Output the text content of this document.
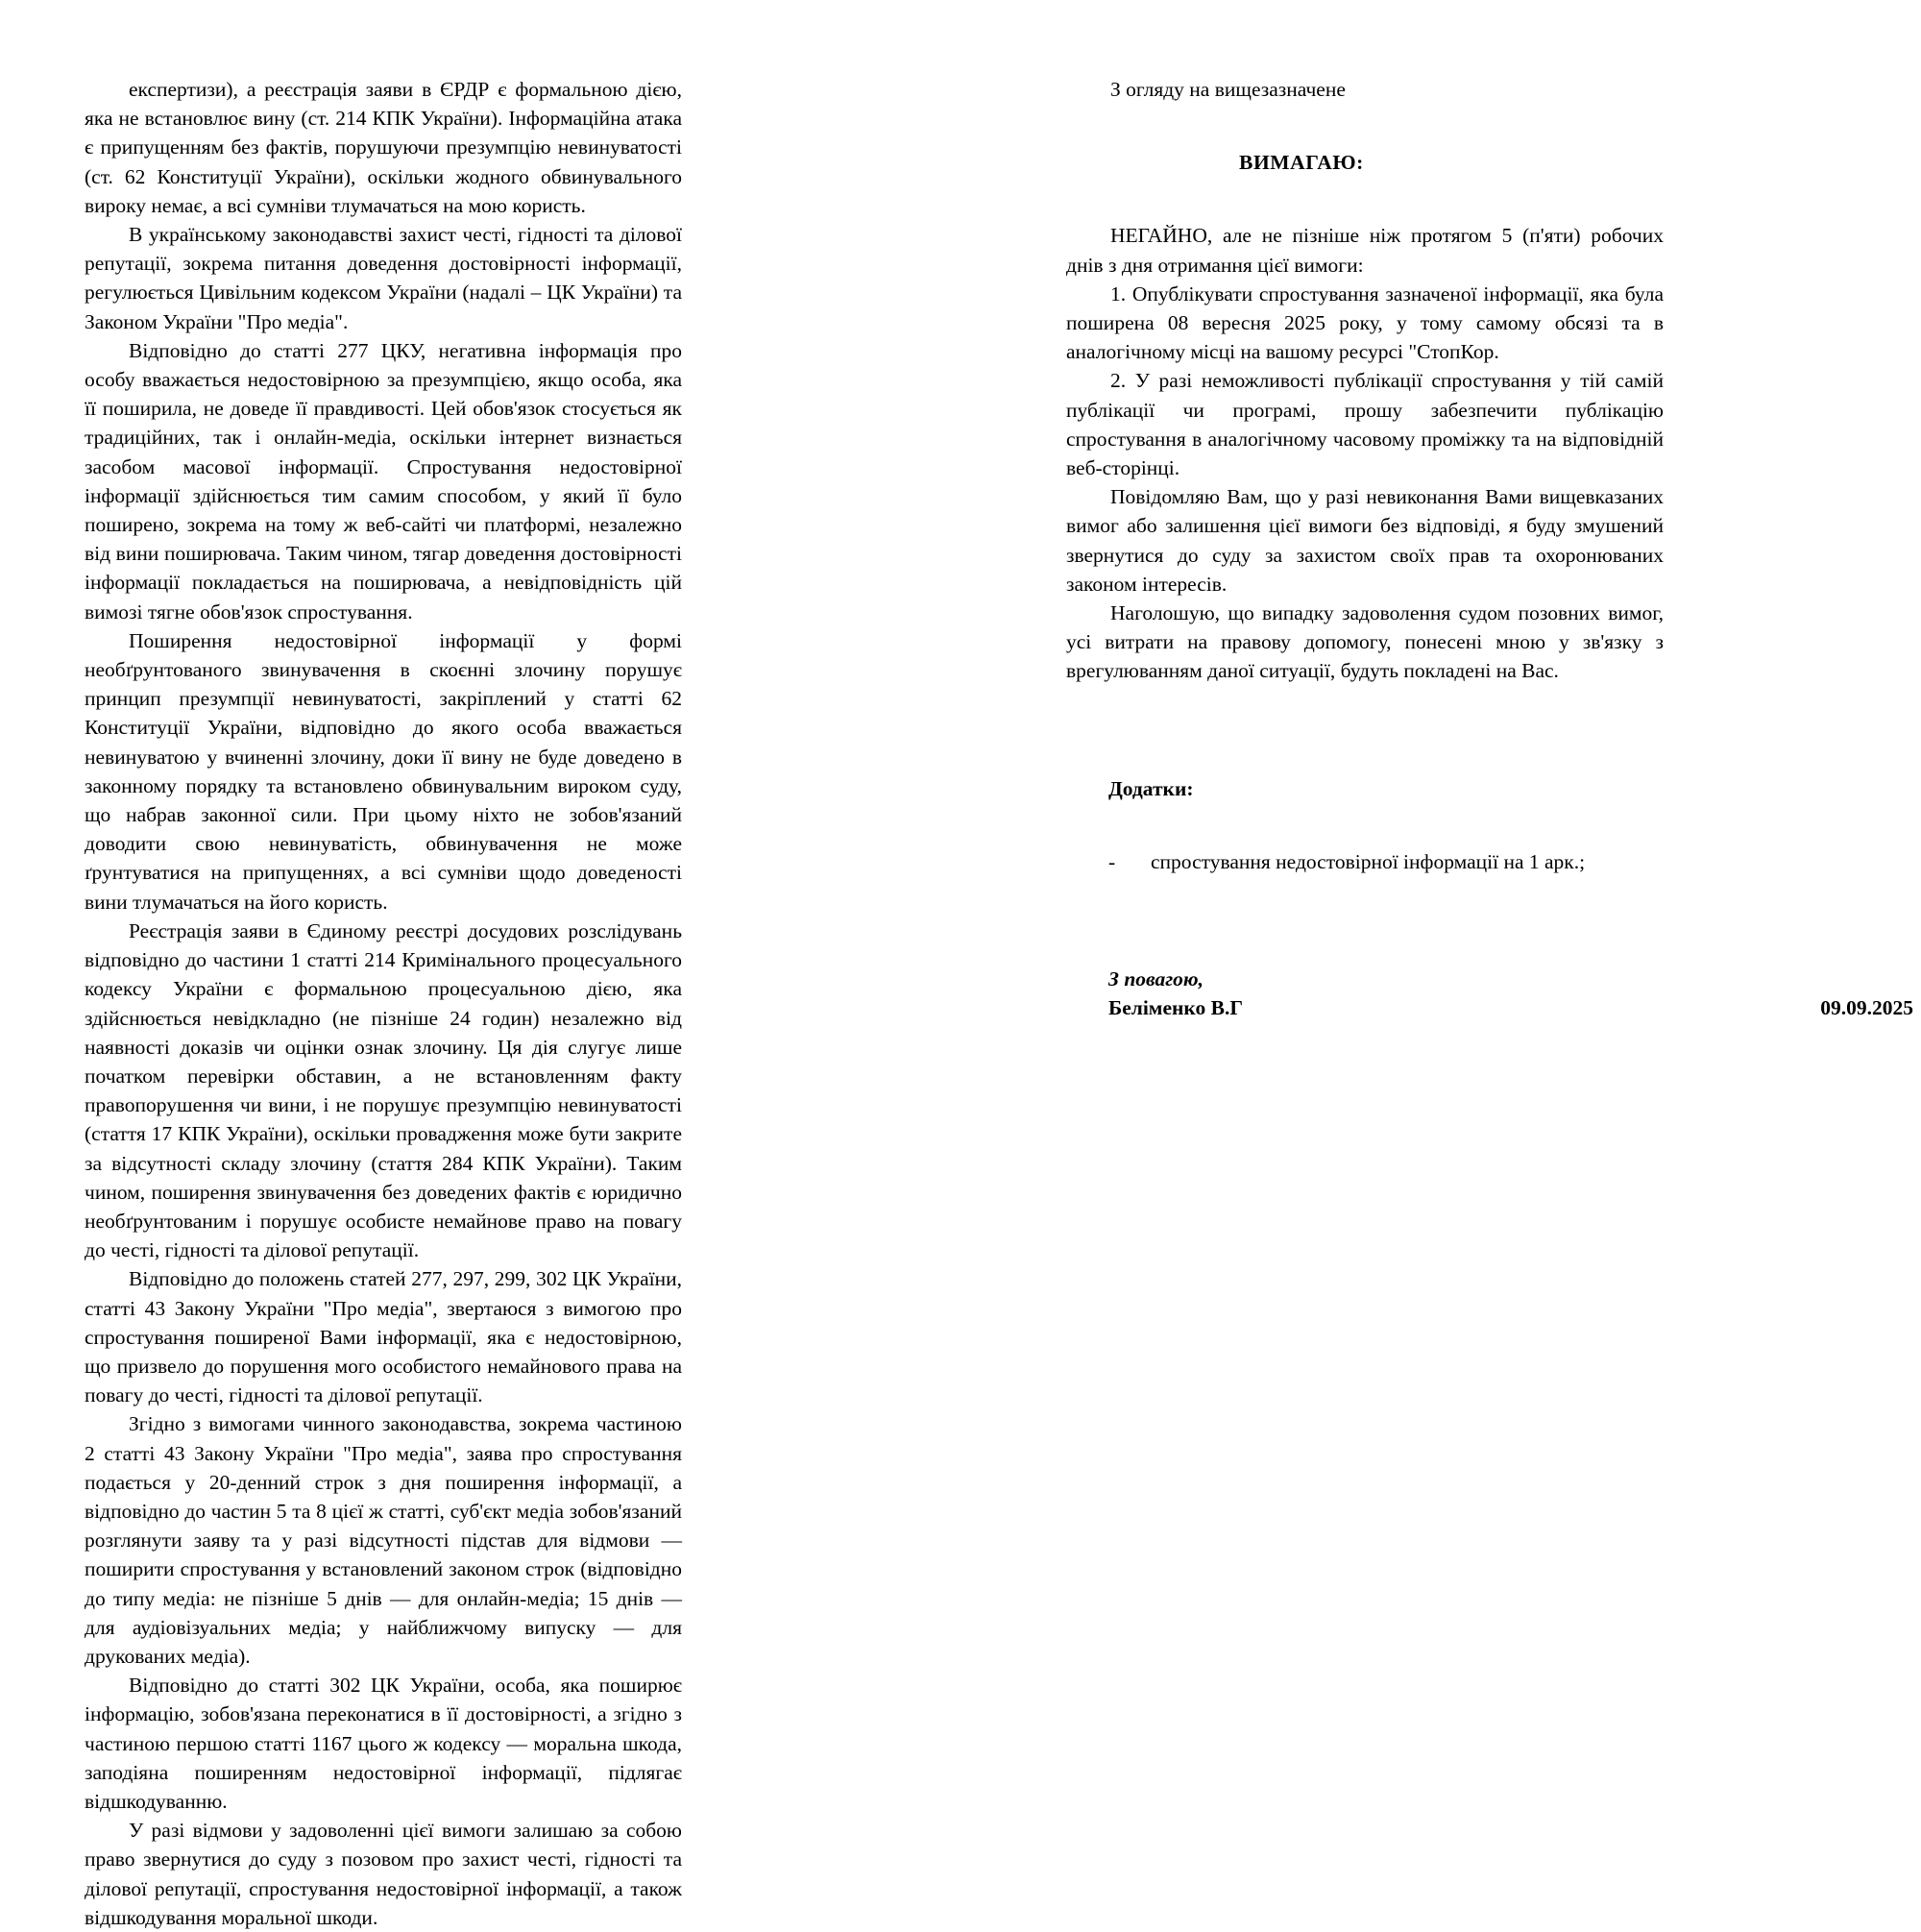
експертизи), а реєстрація заяви в ЄРДР є формальною дією, яка не встановлює вину (ст. 214 КПК України). Інформаційна атака є припущенням без фактів, порушуючи презумпцію невинуватості (ст. 62 Конституції України), оскільки жодного обвинувального вироку немає, а всі сумніви тлумачаться на мою користь.

В українському законодавстві захист честі, гідності та ділової репутації, зокрема питання доведення достовірності інформації, регулюється Цивільним кодексом України (надалі – ЦК України) та Законом України "Про медіа".

Відповідно до статті 277 ЦКУ, негативна інформація про особу вважається недостовірною за презумпцією, якщо особа, яка її поширила, не доведе її правдивості. Цей обов'язок стосується як традиційних, так і онлайн-медіа, оскільки інтернет визнається засобом масової інформації. Спростування недостовірної інформації здійснюється тим самим способом, у який її було поширено, зокрема на тому ж веб-сайті чи платформі, незалежно від вини поширювача. Таким чином, тягар доведення достовірності інформації покладається на поширювача, а невідповідність цій вимозі тягне обов'язок спростування.

Поширення недостовірної інформації у формі необґрунтованого звинувачення в скоєнні злочину порушує принцип презумпції невинуватості, закріплений у статті 62 Конституції України, відповідно до якого особа вважається невинуватою у вчиненні злочину, доки її вину не буде доведено в законному порядку та встановлено обвинувальним вироком суду, що набрав законної сили. При цьому ніхто не зобов'язаний доводити свою невинуватість, обвинувачення не може ґрунтуватися на припущеннях, а всі сумніви щодо доведеності вини тлумачаться на його користь.

Реєстрація заяви в Єдиному реєстрі досудових розслідувань відповідно до частини 1 статті 214 Кримінального процесуального кодексу України є формальною процесуальною дією, яка здійснюється невідкладно (не пізніше 24 годин) незалежно від наявності доказів чи оцінки ознак злочину. Ця дія слугує лише початком перевірки обставин, а не встановленням факту правопорушення чи вини, і не порушує презумпцію невинуватості (стаття 17 КПК України), оскільки провадження може бути закрите за відсутності складу злочину (стаття 284 КПК України). Таким чином, поширення звинувачення без доведених фактів є юридично необґрунтованим і порушує особисте немайнове право на повагу до честі, гідності та ділової репутації.

Відповідно до положень статей 277, 297, 299, 302 ЦК України, статті 43 Закону України "Про медіа", звертаюся з вимогою про спростування поширеної Вами інформації, яка є недостовірною, що призвело до порушення мого особистого немайнового права на повагу до честі, гідності та ділової репутації.

Згідно з вимогами чинного законодавства, зокрема частиною 2 статті 43 Закону України "Про медіа", заява про спростування подається у 20-денний строк з дня поширення інформації, а відповідно до частин 5 та 8 цієї ж статті, суб'єкт медіа зобов'язаний розглянути заяву та у разі відсутності підстав для відмови — поширити спростування у встановлений законом строк (відповідно до типу медіа: не пізніше 5 днів — для онлайн-медіа; 15 днів — для аудіовізуальних медіа; у найближчому випуску — для друкованих медіа).

Відповідно до статті 302 ЦК України, особа, яка поширює інформацію, зобов'язана переконатися в її достовірності, а згідно з частиною першою статті 1167 цього ж кодексу — моральна шкода, заподіяна поширенням недостовірної інформації, підлягає відшкодуванню.

У разі відмови у задоволенні цієї вимоги залишаю за собою право звернутися до суду з позовом про захист честі, гідності та ділової репутації, спростування недостовірної інформації, а також відшкодування моральної шкоди.

З огляду на вищезазначене

ВИМАГАЮ:

НЕГАЙНО, але не пізніше ніж протягом 5 (п'яти) робочих днів з дня отримання цієї вимоги:

1. Опублікувати спростування зазначеної інформації, яка була поширена 08 вересня 2025 року, у тому самому обсязі та в аналогічному місці на вашому ресурсі "СтопКор.

2. У разі неможливості публікації спростування у тій самій публікації чи програмі, прошу забезпечити публікацію спростування в аналогічному часовому проміжку та на відповідній веб-сторінці.

Повідомляю Вам, що у разі невиконання Вами вищевказаних вимог або залишення цієї вимоги без відповіді, я буду змушений звернутися до суду за захистом своїх прав та охоронюваних законом інтересів.

Наголошую, що випадку задоволення судом позовних вимог, усі витрати на правову допомогу, понесені мною у зв'язку з врегулюванням даної ситуації, будуть покладені на Вас.

Додатки:

-	спростування недостовірної інформації на 1 арк.;

З повагою,

Беліменко В.Г	09.09.2025
